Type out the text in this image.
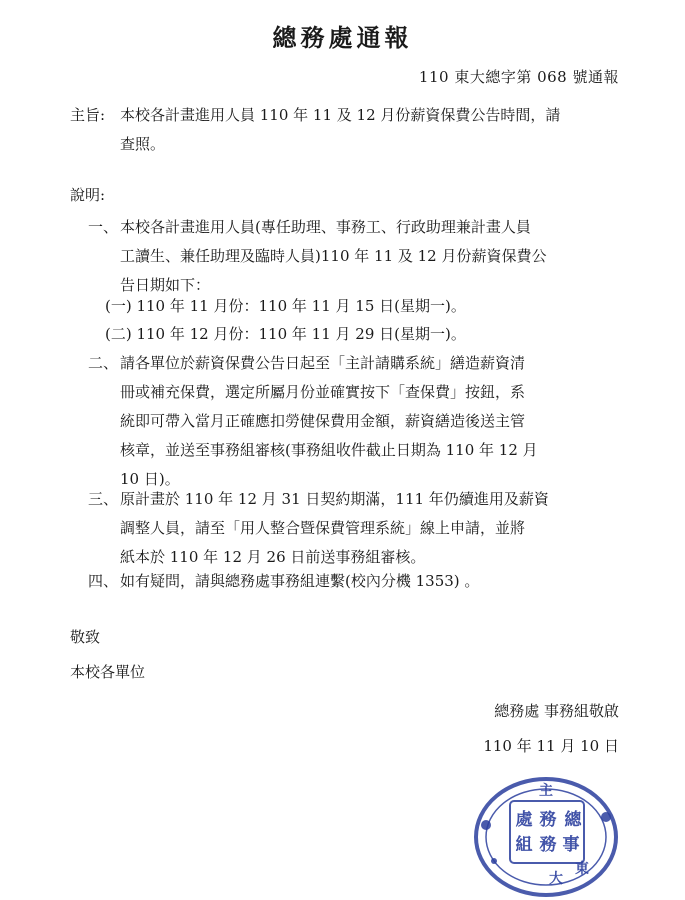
總務處通報
110 東大總字第 068 號通報
主旨: 本校各計畫進用人員 110 年 11 及 12 月份薪資保費公告時間，請
查照。
說明:
一、 本校各計畫進用人員(專任助理、事務工、行政助理兼計畫人員
工讀生、兼任助理及臨時人員)110 年 11 及 12 月份薪資保費公
告日期如下：
(一) 110 年 11 月份：110 年 11 月 15 日(星期一)。
(二) 110 年 12 月份：110 年 11 月 29 日(星期一)。
二、 請各單位於薪資保費公告日起至「主計請購系統」繕造薪資清
冊或補充保費，選定所屬月份並確實按下「查保費」按鈕，系
統即可帶入當月正確應扣勞健保費用金額，薪資繕造後送主管
核章，並送至事務組審核(事務組收件截止日期為 110 年 12 月
10 日)。
三、 原計畫於 110 年 12 月 31 日契約期滿，111 年仍續進用及薪資
調整人員，請至「用人整合暨保費管理系統」線上申請，並將
紙本於 110 年 12 月 26 日前送事務組審核。
四、 如有疑問，請與總務處事務組連繫(校內分機 1353) 。
敬致
本校各單位
總務處 事務組敬啟
110 年 11 月 10 日
主
總
事
務
務
處
組
大
東
